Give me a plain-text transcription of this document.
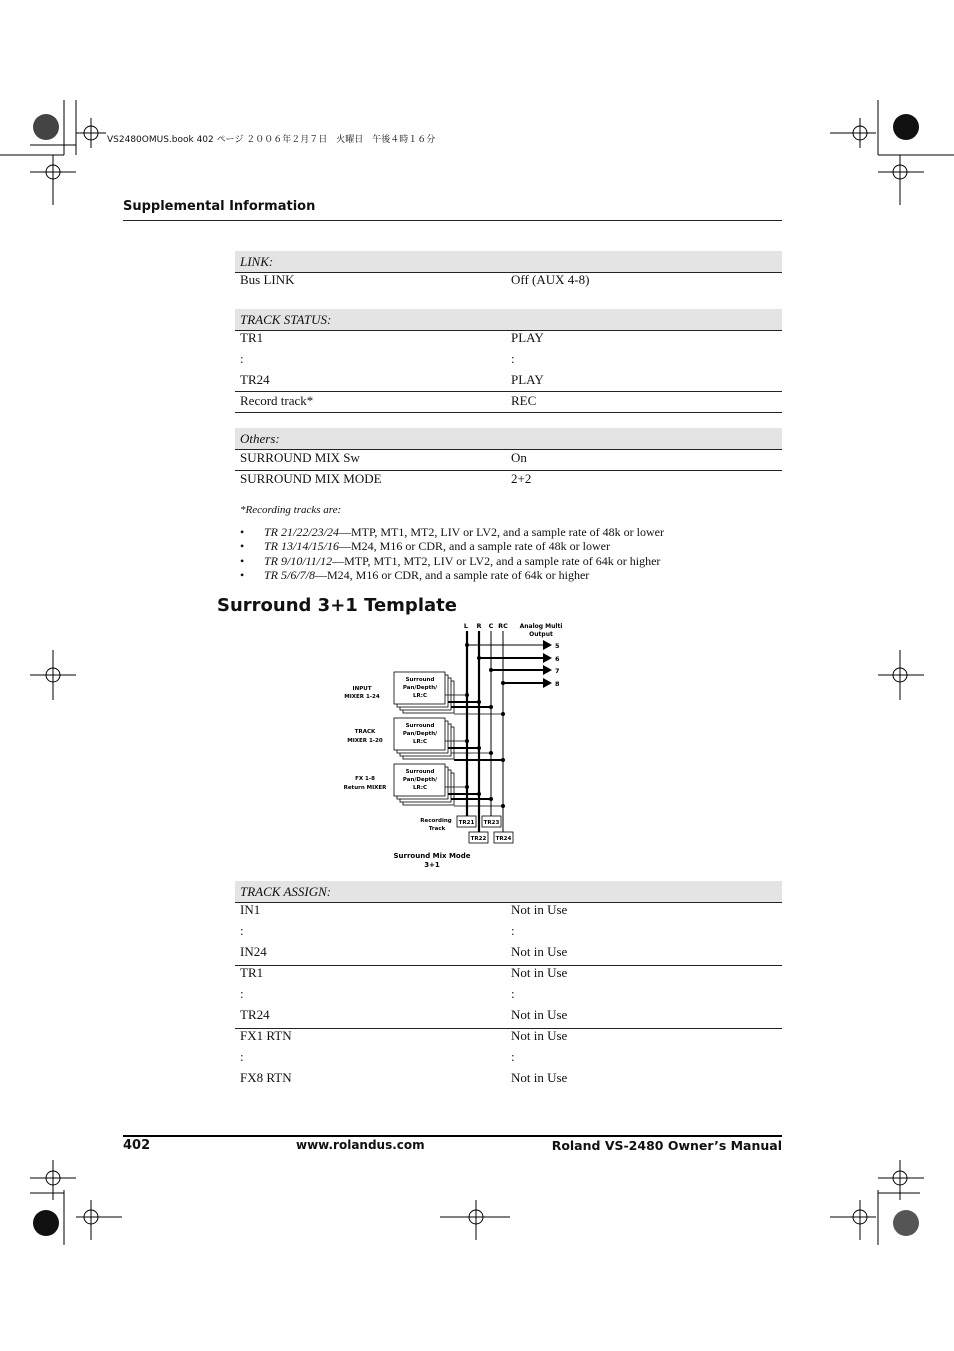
VS2480OMUS.book 402 ページ ２００６年２月７日　火曜日　午後４時１６分
Supplemental Information
LINK:
Bus LINK	Off (AUX 4-8)
TRACK STATUS:
TR1	PLAY
:	:
TR24	PLAY
Record track*	REC
Others:
SURROUND MIX Sw	On
SURROUND MIX MODE	2+2
*Recording tracks are:
• TR 21/22/23/24—MTP, MT1, MT2, LIV or LV2, and a sample rate of 48k or lower
• TR 13/14/15/16—M24, M16 or CDR, and a sample rate of 48k or lower
• TR 9/10/11/12—MTP, MT1, MT2, LIV or LV2, and a sample rate of 64k or higher
• TR 5/6/7/8—M24, M16 or CDR, and a sample rate of 64k or higher
Surround 3+1 Template
L R C RC Analog Multi
Output
5
6
7
8
Surround
Pan/Depth/
LR:C
INPUT
MIXER 1-24
Surround
Pan/Depth/
LR:C
TRACK
MIXER 1-20
Surround
Pan/Depth/
LR:C
FX 1-8
Return MIXER
TR21
TR22
TR23
TR24
Recording
Track
Surround Mix Mode
3+1
TRACK ASSIGN:
IN1	Not in Use
:	:
IN24	Not in Use
TR1	Not in Use
:	:
TR24	Not in Use
FX1 RTN	Not in Use
:	:
FX8 RTN	Not in Use
402	www.rolandus.com	Roland VS-2480 Owner’s Manual
